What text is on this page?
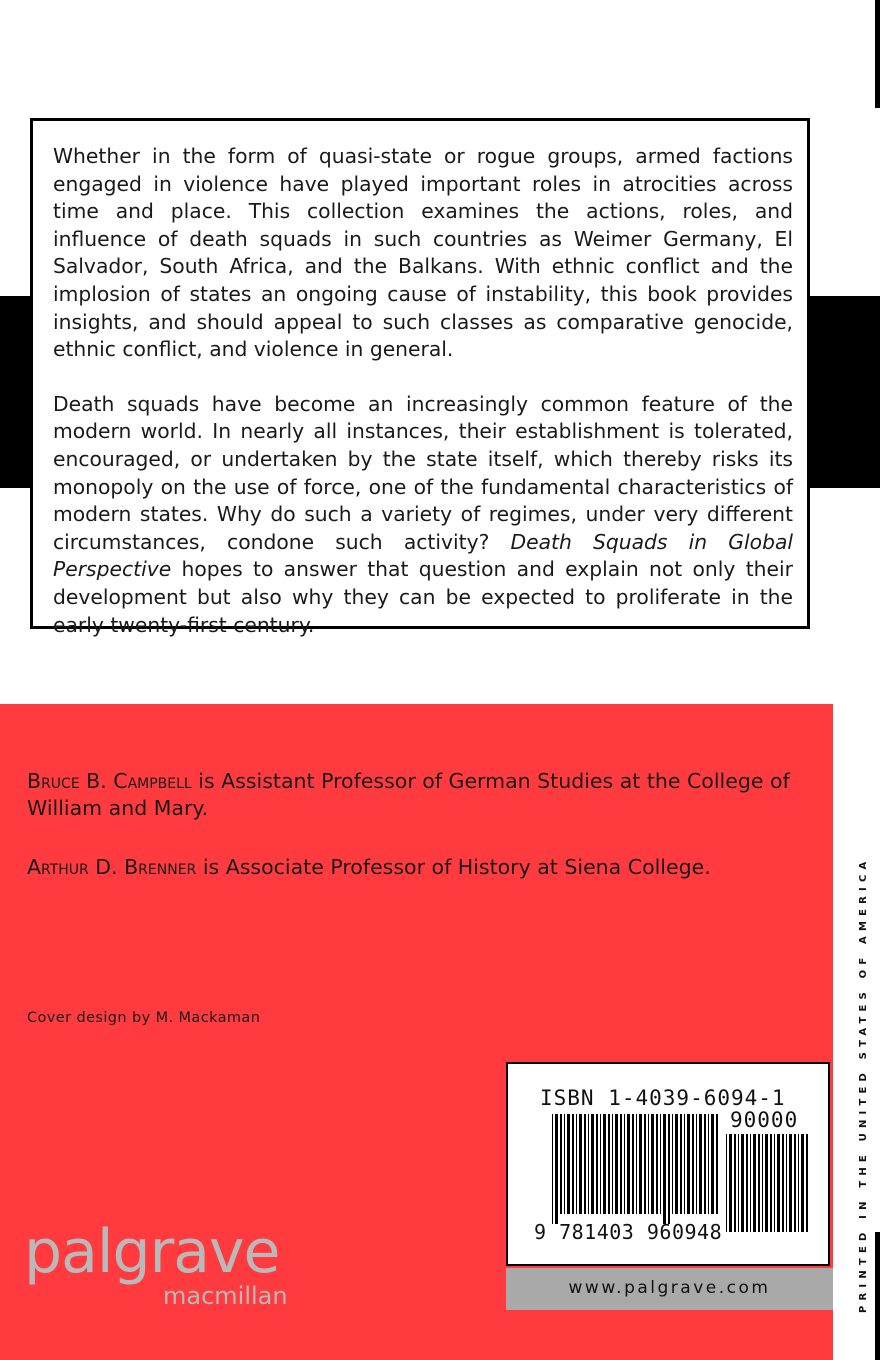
Whether in the form of quasi-state or rogue groups, armed factions engaged in violence have played important roles in atrocities across time and place. This collection examines the actions, roles, and influence of death squads in such countries as Weimer Germany, El Salvador, South Africa, and the Balkans. With ethnic conflict and the implosion of states an ongoing cause of instability, this book provides insights, and should appeal to such classes as comparative genocide, ethnic conflict, and violence in general.

Death squads have become an increasingly common feature of the modern world. In nearly all instances, their establishment is tolerated, encouraged, or undertaken by the state itself, which thereby risks its monopoly on the use of force, one of the fundamental characteristics of modern states. Why do such a variety of regimes, under very different circumstances, condone such activity? Death Squads in Global Perspective hopes to answer that question and explain not only their development but also why they can be expected to proliferate in the early twenty-first century.

Bruce B. Campbell is Assistant Professor of German Studies at the College of William and Mary.
Arthur D. Brenner is Associate Professor of History at Siena College.
Cover design by M. Mackaman
palgrave
macmillan
ISBN 1-4039-6094-1
90000
9 781403 960948
www.palgrave.com	PRINTED IN THE UNITED STATES OF AMERICA
